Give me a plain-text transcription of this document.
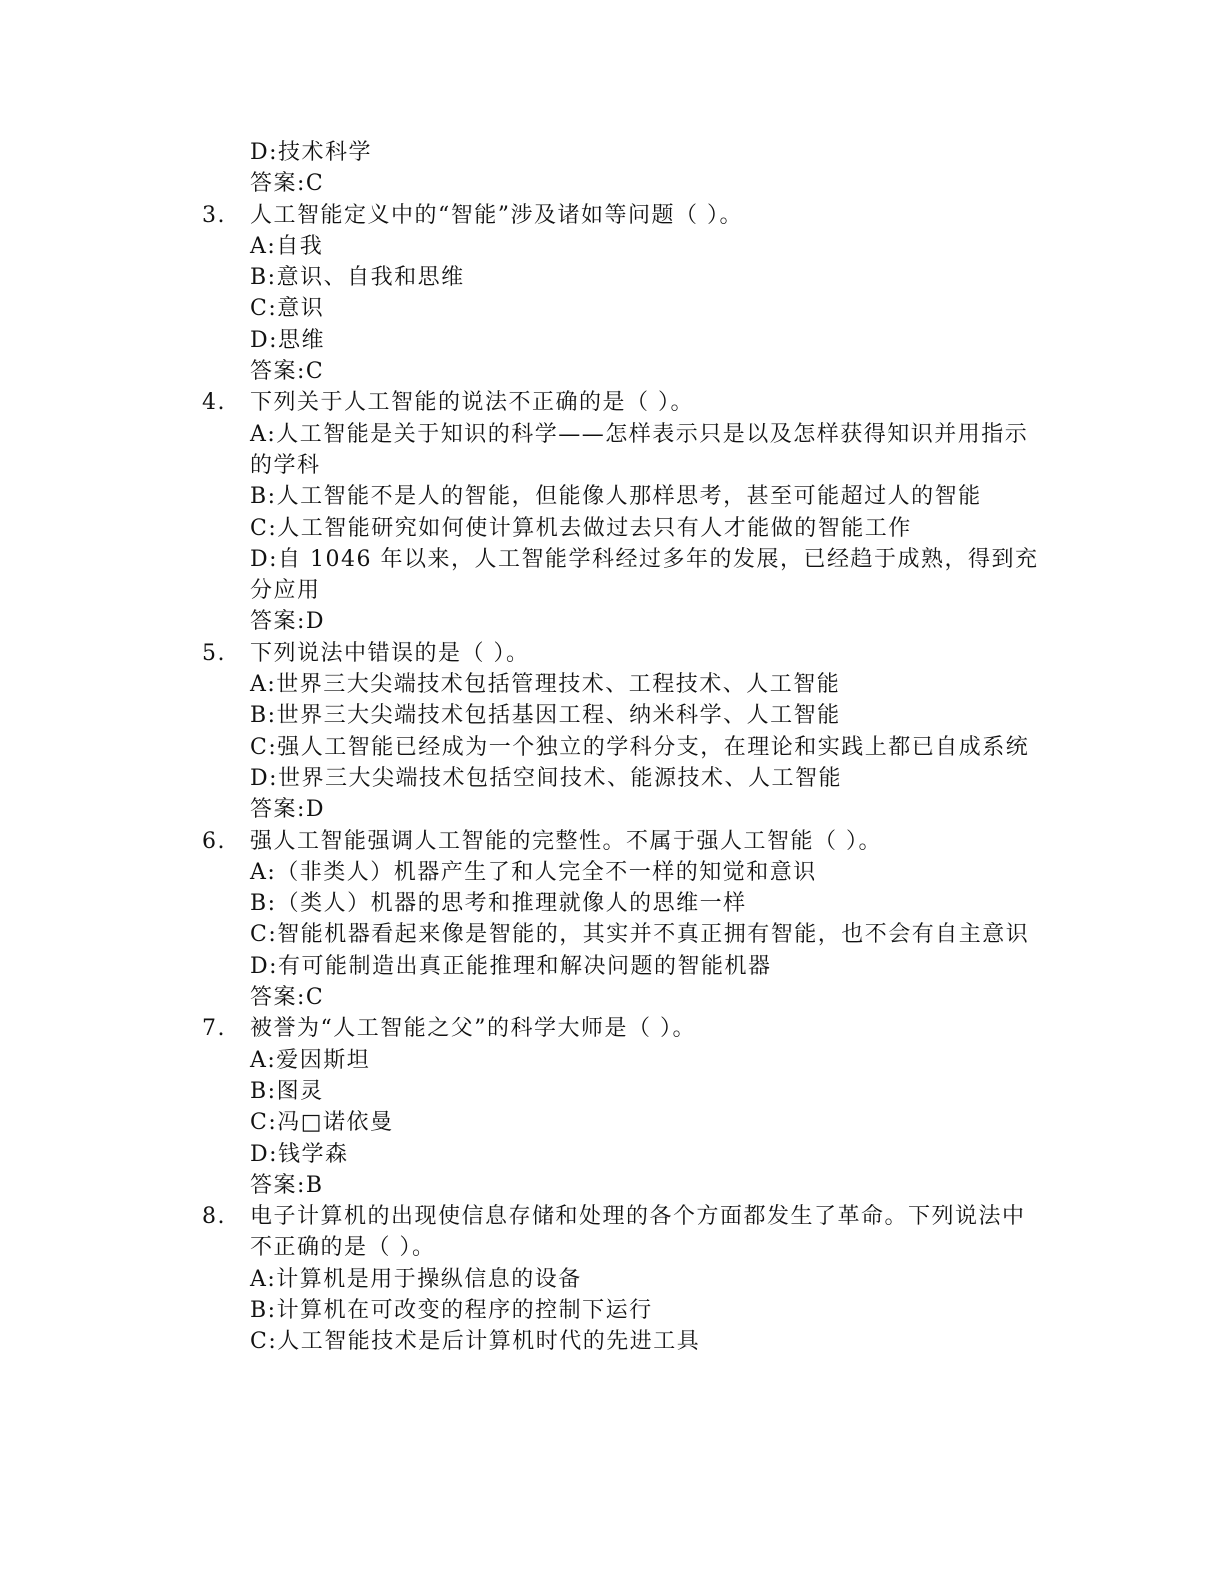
D:技术科学
答案:C
3.	人工智能定义中的“智能”涉及诸如等问题（ ）。
A:自我
B:意识、自我和思维
C:意识
D:思维
答案:C
4.	下列关于人工智能的说法不正确的是（ ）。
A:人工智能是关于知识的科学——怎样表示只是以及怎样获得知识并用指示
的学科
B:人工智能不是人的智能，但能像人那样思考，甚至可能超过人的智能
C:人工智能研究如何使计算机去做过去只有人才能做的智能工作
D:自 1046 年以来，人工智能学科经过多年的发展，已经趋于成熟，得到充
分应用
答案:D
5.	下列说法中错误的是（ ）。
A:世界三大尖端技术包括管理技术、工程技术、人工智能
B:世界三大尖端技术包括基因工程、纳米科学、人工智能
C:强人工智能已经成为一个独立的学科分支，在理论和实践上都已自成系统
D:世界三大尖端技术包括空间技术、能源技术、人工智能
答案:D
6.	强人工智能强调人工智能的完整性。不属于强人工智能（ ）。
A:（非类人）机器产生了和人完全不一样的知觉和意识
B:（类人）机器的思考和推理就像人的思维一样
C:智能机器看起来像是智能的，其实并不真正拥有智能，也不会有自主意识
D:有可能制造出真正能推理和解决问题的智能机器
答案:C
7.	被誉为“人工智能之父”的科学大师是（ ）。
A:爱因斯坦
B:图灵
C:冯□诺依曼
D:钱学森
答案:B
8.	电子计算机的出现使信息存储和处理的各个方面都发生了革命。下列说法中
不正确的是（ ）。
A:计算机是用于操纵信息的设备
B:计算机在可改变的程序的控制下运行
C:人工智能技术是后计算机时代的先进工具
